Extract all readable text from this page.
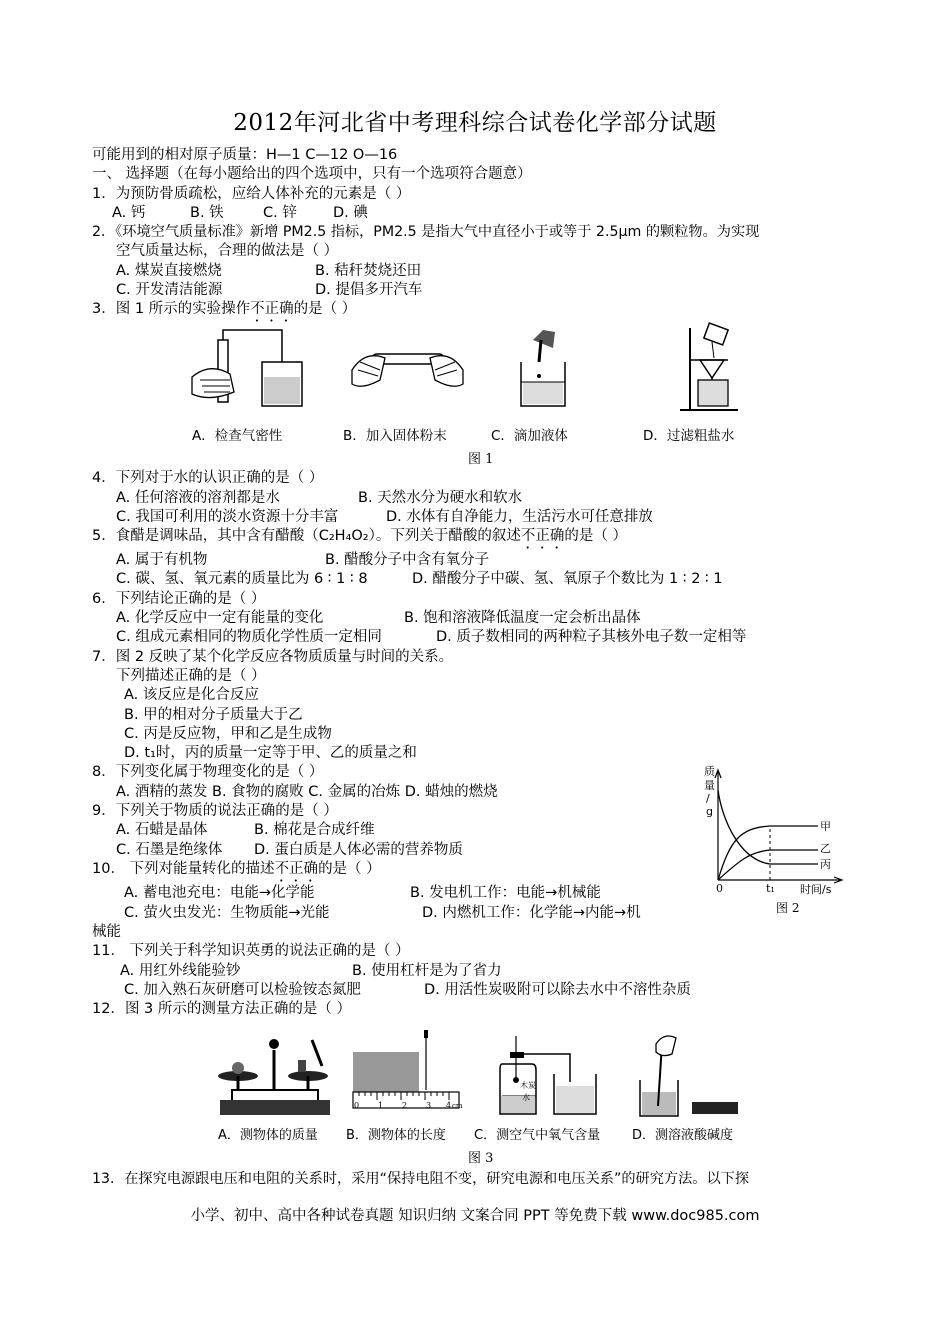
2012年河北省中考理科综合试卷化学部分试题
可能用到的相对原子质量：H—1 C—12 O—16
一、 选择题（在每小题给出的四个选项中，只有一个选项符合题意）
1．为预防骨质疏松，应给人体补充的元素是（ ）
A. 钙	B. 铁	C. 锌 D. 碘
2．《环境空气质量标准》新增 PM2.5 指标，PM2.5 是指大气中直径小于或等于 2.5μm 的颗粒物。为实现
空气质量达标，合理的做法是（ ）
A. 煤炭直接燃烧	B. 秸秆焚烧还田
C. 开发清洁能源	D. 提倡多开汽车
3．图 1 所示的实验操作不正确的是（ ）
A．检查气密性	B．加入固体粉末	C．滴加液体	D．过滤粗盐水
图 1
4．下列对于水的认识正确的是（ ）
A. 任何溶液的溶剂都是水	B. 天然水分为硬水和软水
C. 我国可利用的淡水资源十分丰富	D. 水体有自净能力，生活污水可任意排放
5．食醋是调味品，其中含有醋酸（C₂H₄O₂）。下列关于醋酸的叙述不正确的是（ ）
A. 属于有机物	B. 醋酸分子中含有氧分子
C. 碳、氢、氧元素的质量比为 6 ∶ 1 ∶ 8	D. 醋酸分子中碳、氢、氧原子个数比为 1 ∶ 2 ∶ 1
6．下列结论正确的是（ ）
A. 化学反应中一定有能量的变化	B. 饱和溶液降低温度一定会析出晶体
C. 组成元素相同的物质化学性质一定相同	D. 质子数相同的两种粒子其核外电子数一定相等
7．图 2 反映了某个化学反应各物质质量与时间的关系。
下列描述正确的是（ ）
A. 该反应是化合反应
B. 甲的相对分子质量大于乙
C. 丙是反应物，甲和乙是生成物
D. t₁时，丙的质量一定等于甲、乙的质量之和
8．下列变化属于物理变化的是（ ）
A. 酒精的蒸发 B. 食物的腐败 C. 金属的冶炼 D. 蜡烛的燃烧
9．下列关于物质的说法正确的是（ ）
A. 石蜡是晶体	B. 棉花是合成纤维
C. 石墨是绝缘体 D. 蛋白质是人体必需的营养物质
10． 下列对能量转化的描述不正确的是（ ）
A. 蓄电池充电：电能→化学能	B. 发电机工作：电能→机械能
C. 萤火虫发光：生物质能→光能	D. 内燃机工作：化学能→内能→机
械能
质
量
/
g
0	t₁ 时间/s
甲
乙
丙
图 2
11． 下列关于科学知识英勇的说法正确的是（ ）
A. 用红外线能验钞	B. 使用杠杆是为了省力
C. 加入熟石灰研磨可以检验铵态氮肥	D. 用活性炭吸附可以除去水中不溶性杂质
12．图 3 所示的测量方法正确的是（ ）
0 1 2 3 4 cm
木炭
水
A．测物体的质量 B．测物体的长度 C．测空气中氧气含量 D．测溶液酸碱度
图 3
13．在探究电源跟电压和电阻的关系时，采用“保持电阻不变，研究电源和电压关系”的研究方法。以下探
小学、初中、高中各种试卷真题 知识归纳 文案合同 PPT 等免费下载 www.doc985.com
